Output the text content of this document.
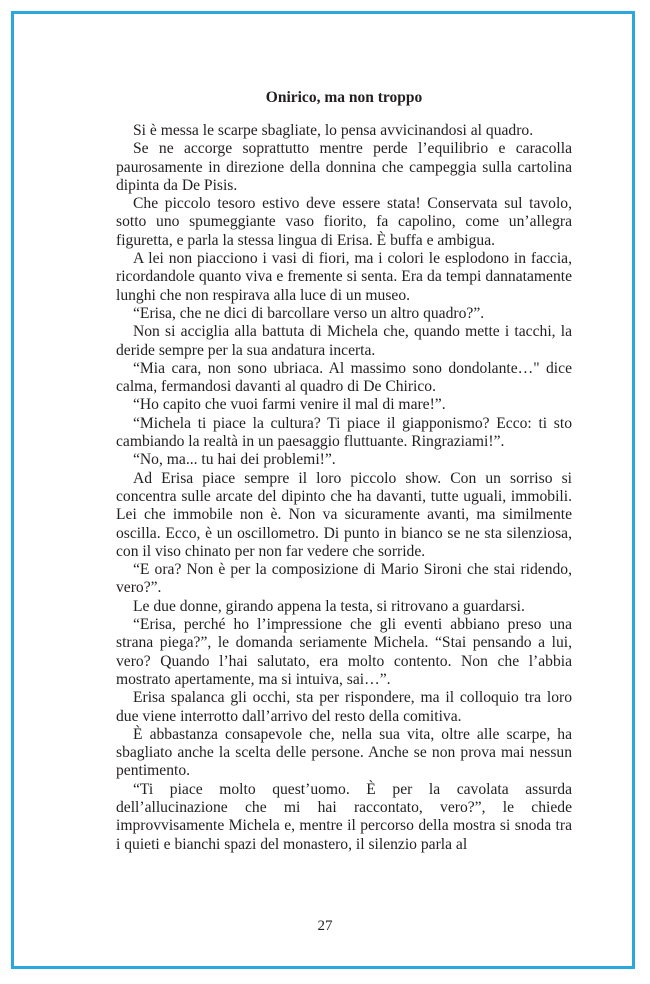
Onirico, ma non troppo

Si è messa le scarpe sbagliate, lo pensa avvicinandosi al quadro.

Se ne accorge soprattutto mentre perde l’equilibrio e caracolla paurosamente in direzione della donnina che campeggia sulla cartolina dipinta da De Pisis.

Che piccolo tesoro estivo deve essere stata! Conservata sul tavolo, sotto uno spumeggiante vaso fiorito, fa capolino, come un’allegra figuretta, e parla la stessa lingua di Erisa. È buffa e ambigua.

A lei non piacciono i vasi di fiori, ma i colori le esplodono in faccia, ricordandole quanto viva e fremente si senta. Era da tempi dannatamente lunghi che non respirava alla luce di un museo.

“Erisa, che ne dici di barcollare verso un altro quadro?”.

Non si acciglia alla battuta di Michela che, quando mette i tacchi, la deride sempre per la sua andatura incerta.

“Mia cara, non sono ubriaca. Al massimo sono dondolante…" dice calma, fermandosi davanti al quadro di De Chirico.

“Ho capito che vuoi farmi venire il mal di mare!”.

“Michela ti piace la cultura? Ti piace il giapponismo? Ecco: ti sto cambiando la realtà in un paesaggio fluttuante. Ringraziami!”.

“No, ma... tu hai dei problemi!”.

Ad Erisa piace sempre il loro piccolo show. Con un sorriso si concentra sulle arcate del dipinto che ha davanti, tutte uguali, immobili. Lei che immobile non è. Non va sicuramente avanti, ma similmente oscilla. Ecco, è un oscillometro. Di punto in bianco se ne sta silenziosa, con il viso chinato per non far vedere che sorride.

“E ora? Non è per la composizione di Mario Sironi che stai ridendo, vero?”.

Le due donne, girando appena la testa, si ritrovano a guardarsi.

“Erisa, perché ho l’impressione che gli eventi abbiano preso una strana piega?”, le domanda seriamente Michela. “Stai pensando a lui, vero? Quando l’hai salutato, era molto contento. Non che l’abbia mostrato apertamente, ma si intuiva, sai…”.

Erisa spalanca gli occhi, sta per rispondere, ma il colloquio tra loro due viene interrotto dall’arrivo del resto della comitiva.

È abbastanza consapevole che, nella sua vita, oltre alle scarpe, ha sbagliato anche la scelta delle persone. Anche se non prova mai nessun pentimento.

“Ti piace molto quest’uomo. È per la cavolata assurda dell’allucinazione che mi hai raccontato, vero?”, le chiede improvvisamente Michela e, mentre il percorso della mostra si snoda tra i quieti e bianchi spazi del monastero, il silenzio parla al

27
